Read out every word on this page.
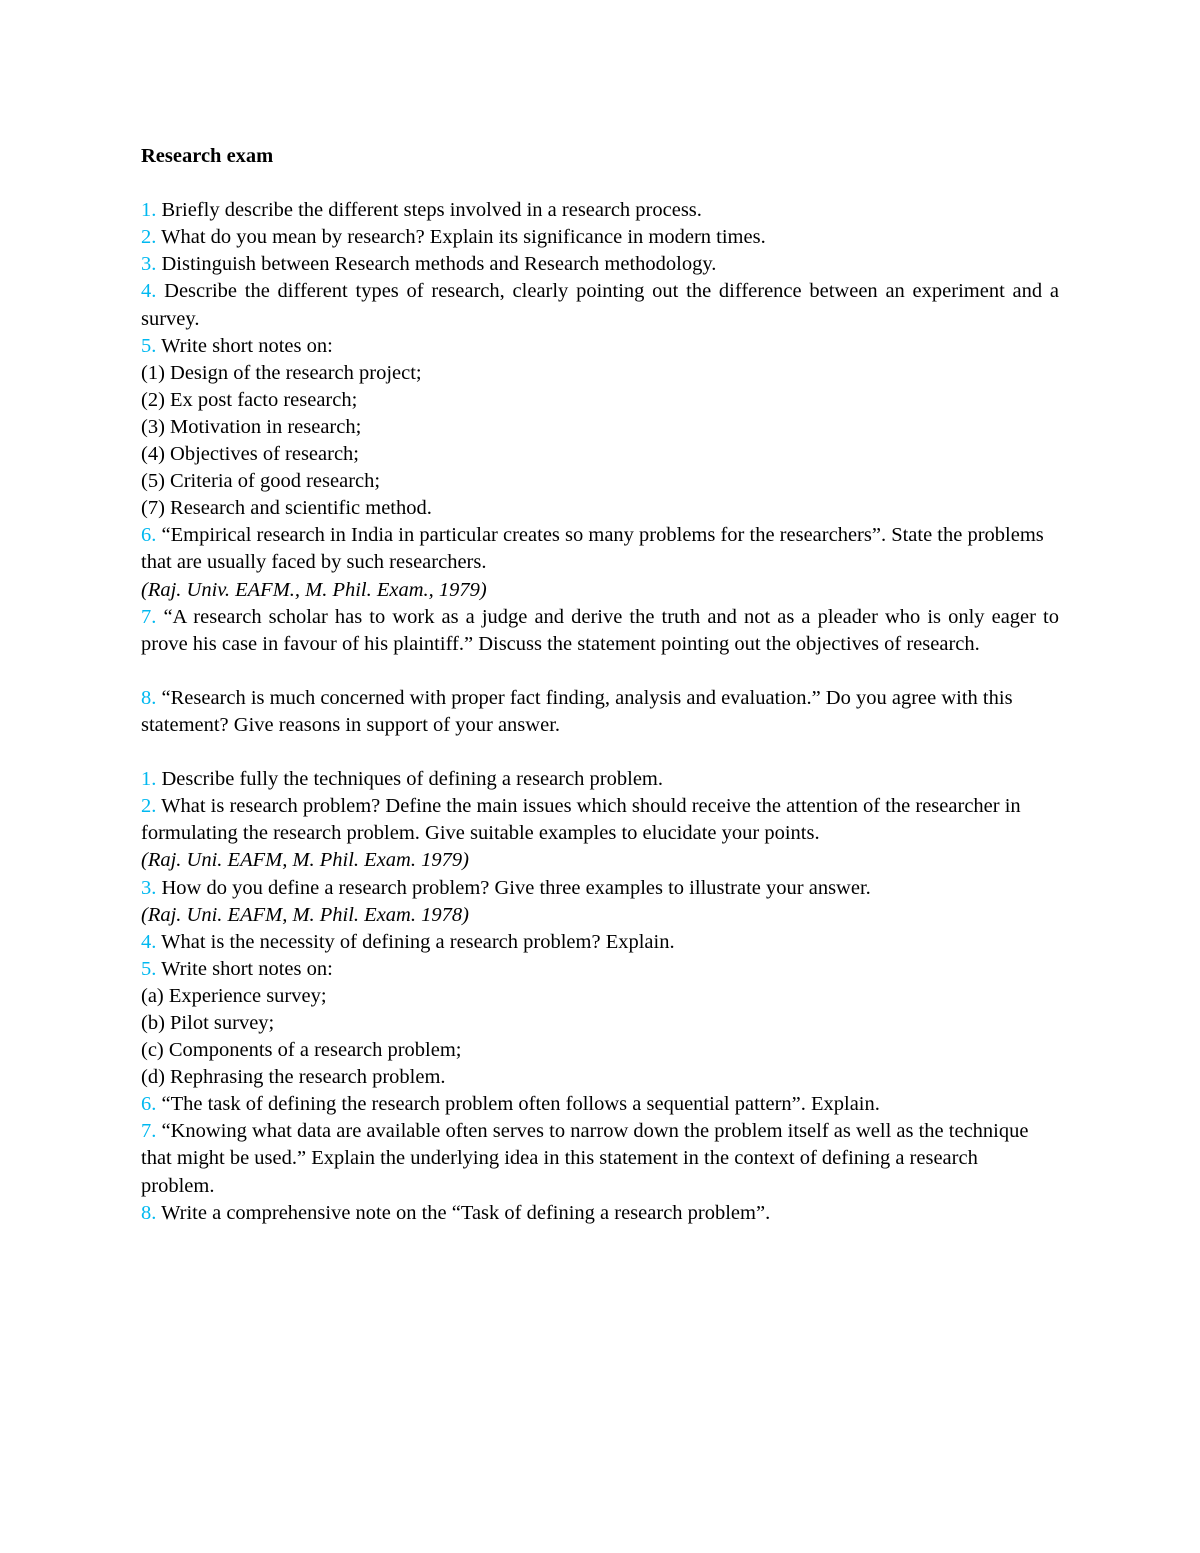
Research exam
1. Briefly describe the different steps involved in a research process.
2. What do you mean by research? Explain its significance in modern times.
3. Distinguish between Research methods and Research methodology.
4. Describe the different types of research, clearly pointing out the difference between an experiment and a survey.
5. Write short notes on:
(1) Design of the research project;
(2) Ex post facto research;
(3) Motivation in research;
(4) Objectives of research;
(5) Criteria of good research;
(7) Research and scientific method.
6. “Empirical research in India in particular creates so many problems for the researchers”. State the problems
that are usually faced by such researchers.
(Raj. Univ. EAFM., M. Phil. Exam., 1979)
7. “A research scholar has to work as a judge and derive the truth and not as a pleader who is only eager to prove his case in favour of his plaintiff.” Discuss the statement pointing out the objectives of research.
8. “Research is much concerned with proper fact finding, analysis and evaluation.” Do you agree with this
statement? Give reasons in support of your answer.
1. Describe fully the techniques of defining a research problem.
2. What is research problem? Define the main issues which should receive the attention of the researcher in
formulating the research problem. Give suitable examples to elucidate your points.
(Raj. Uni. EAFM, M. Phil. Exam. 1979)
3. How do you define a research problem? Give three examples to illustrate your answer.
(Raj. Uni. EAFM, M. Phil. Exam. 1978)
4. What is the necessity of defining a research problem? Explain.
5. Write short notes on:
(a) Experience survey;
(b) Pilot survey;
(c) Components of a research problem;
(d) Rephrasing the research problem.
6. “The task of defining the research problem often follows a sequential pattern”. Explain.
7. “Knowing what data are available often serves to narrow down the problem itself as well as the technique
that might be used.” Explain the underlying idea in this statement in the context of defining a research
problem.
8. Write a comprehensive note on the “Task of defining a research problem”.
